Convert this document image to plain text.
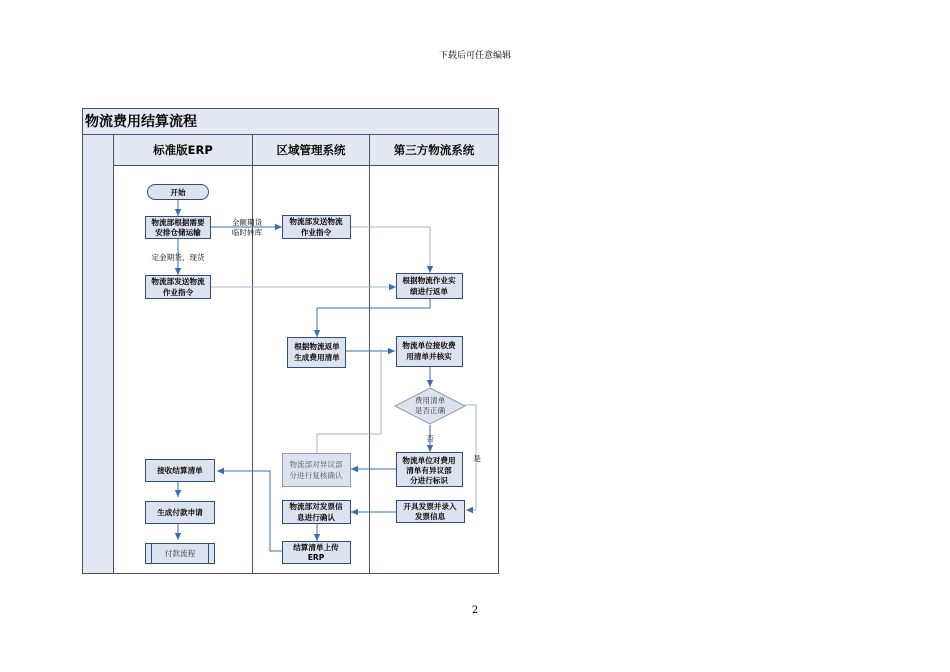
下载后可任意编辑
2
物流费用结算流程
标准版ERP	区域管理系统	第三方物流系统
开始
物流部根据需要
安排仓储运输
物流部发送物流
作业指令
接收结算清单
生成付款申请
付款流程
物流部发送物流
作业指令
根据物流返单
生成费用清单
物流部对异议部
分进行复核确认
物流部对发票信
息进行确认
结算清单上传
ERP
根据物流作业实
绩进行返单
物流单位接收费
用清单并核实
费用清单
是否正确
物流单位对费用
清单有异议部
分进行标识
开具发票并录入
发票信息
全额期货
临时转库
定金期货、现货
否
是
